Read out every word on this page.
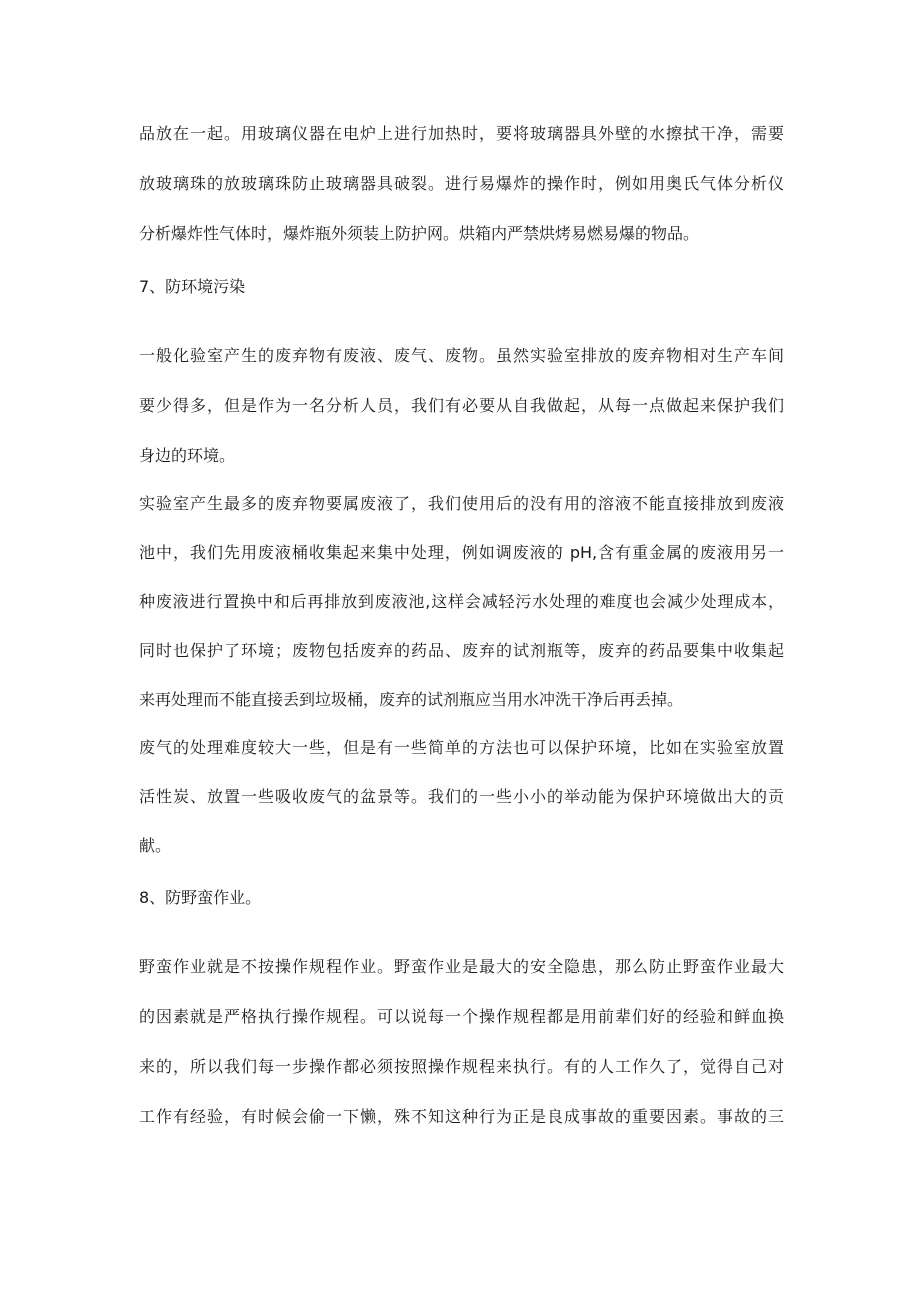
品放在一起。用玻璃仪器在电炉上进行加热时，要将玻璃器具外壁的水擦拭干净，需要
放玻璃珠的放玻璃珠防止玻璃器具破裂。进行易爆炸的操作时，例如用奥氏气体分析仪
分析爆炸性气体时，爆炸瓶外须装上防护网。烘箱内严禁烘烤易燃易爆的物品。
7、防环境污染
一般化验室产生的废弃物有废液、废气、废物。虽然实验室排放的废弃物相对生产车间
要少得多，但是作为一名分析人员，我们有必要从自我做起，从每一点做起来保护我们
身边的环境。
实验室产生最多的废弃物要属废液了，我们使用后的没有用的溶液不能直接排放到废液
池中，我们先用废液桶收集起来集中处理，例如调废液的 pH,含有重金属的废液用另一
种废液进行置换中和后再排放到废液池,这样会减轻污水处理的难度也会减少处理成本，
同时也保护了环境；废物包括废弃的药品、废弃的试剂瓶等，废弃的药品要集中收集起
来再处理而不能直接丢到垃圾桶，废弃的试剂瓶应当用水冲洗干净后再丢掉。
废气的处理难度较大一些，但是有一些简单的方法也可以保护环境，比如在实验室放置
活性炭、放置一些吸收废气的盆景等。我们的一些小小的举动能为保护环境做出大的贡
献。
8、防野蛮作业。
野蛮作业就是不按操作规程作业。野蛮作业是最大的安全隐患，那么防止野蛮作业最大
的因素就是严格执行操作规程。可以说每一个操作规程都是用前辈们好的经验和鲜血换
来的，所以我们每一步操作都必须按照操作规程来执行。有的人工作久了，觉得自己对
工作有经验，有时候会偷一下懒，殊不知这种行为正是良成事故的重要因素。事故的三
